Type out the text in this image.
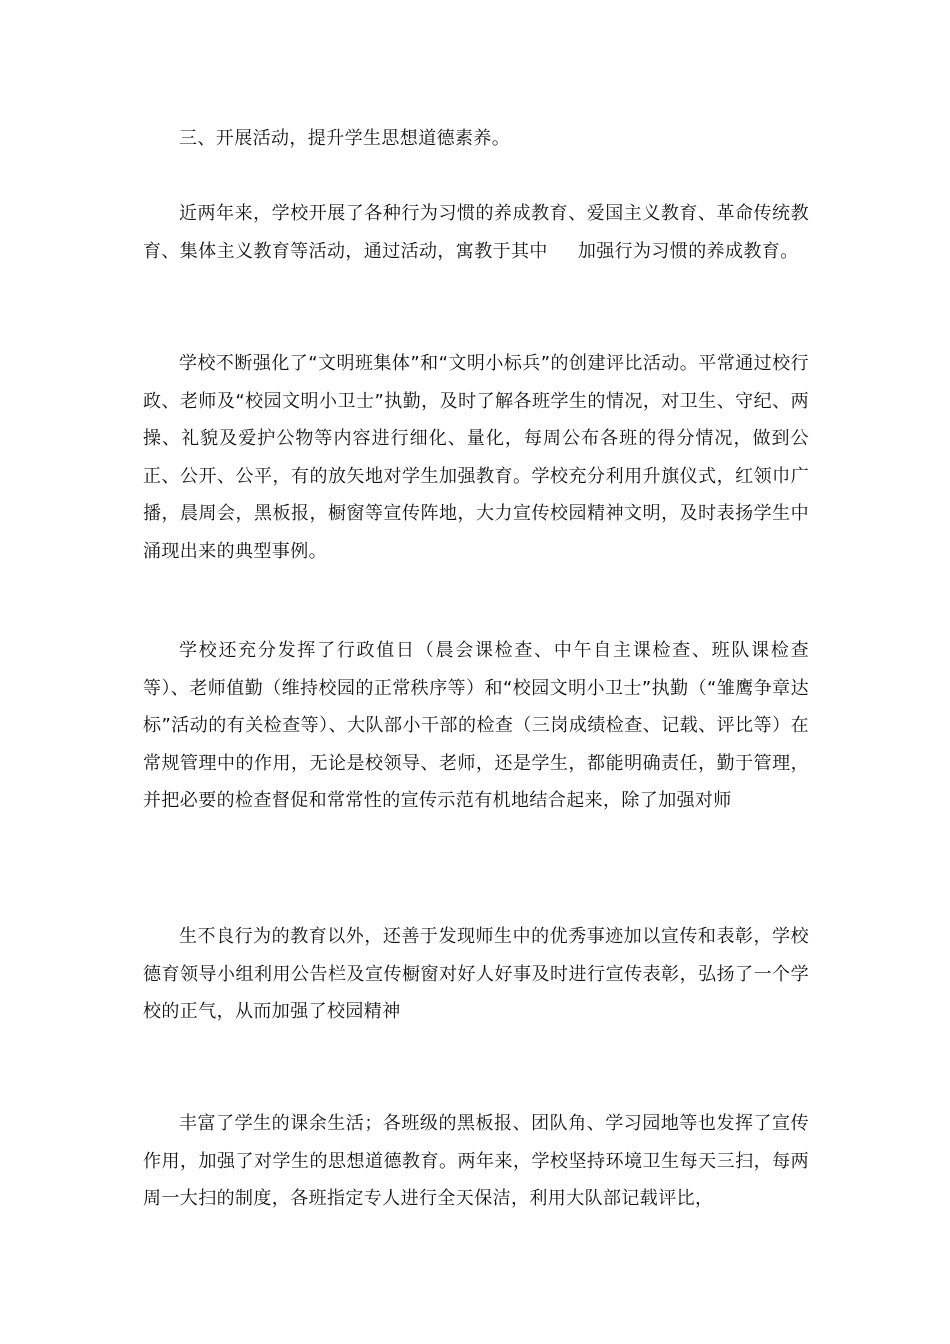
三、开展活动，提升学生思想道德素养。

近两年来，学校开展了各种行为习惯的养成教育、爱国主义教育、革命传统教育、集体主义教育等活动，通过活动，寓教于其中 加强行为习惯的养成教育。

学校不断强化了“文明班集体”和“文明小标兵”的创建评比活动。平常通过校行政、老师及“校园文明小卫士”执勤，及时了解各班学生的情况，对卫生、守纪、两操、礼貌及爱护公物等内容进行细化、量化，每周公布各班的得分情况，做到公正、公开、公平，有的放矢地对学生加强教育。学校充分利用升旗仪式，红领巾广播，晨周会，黑板报，橱窗等宣传阵地，大力宣传校园精神文明，及时表扬学生中涌现出来的典型事例。

学校还充分发挥了行政值日（晨会课检查、中午自主课检查、班队课检查等）、老师值勤（维持校园的正常秩序等）和“校园文明小卫士”执勤（“雏鹰争章达标”活动的有关检查等）、大队部小干部的检查（三岗成绩检查、记载、评比等）在常规管理中的作用，无论是校领导、老师，还是学生，都能明确责任，勤于管理，并把必要的检查督促和常常性的宣传示范有机地结合起来，除了加强对师

生不良行为的教育以外，还善于发现师生中的优秀事迹加以宣传和表彰，学校德育领导小组利用公告栏及宣传橱窗对好人好事及时进行宣传表彰，弘扬了一个学校的正气，从而加强了校园精神

丰富了学生的课余生活；各班级的黑板报、团队角、学习园地等也发挥了宣传作用，加强了对学生的思想道德教育。两年来，学校坚持环境卫生每天三扫，每两周一大扫的制度，各班指定专人进行全天保洁，利用大队部记载评比，
